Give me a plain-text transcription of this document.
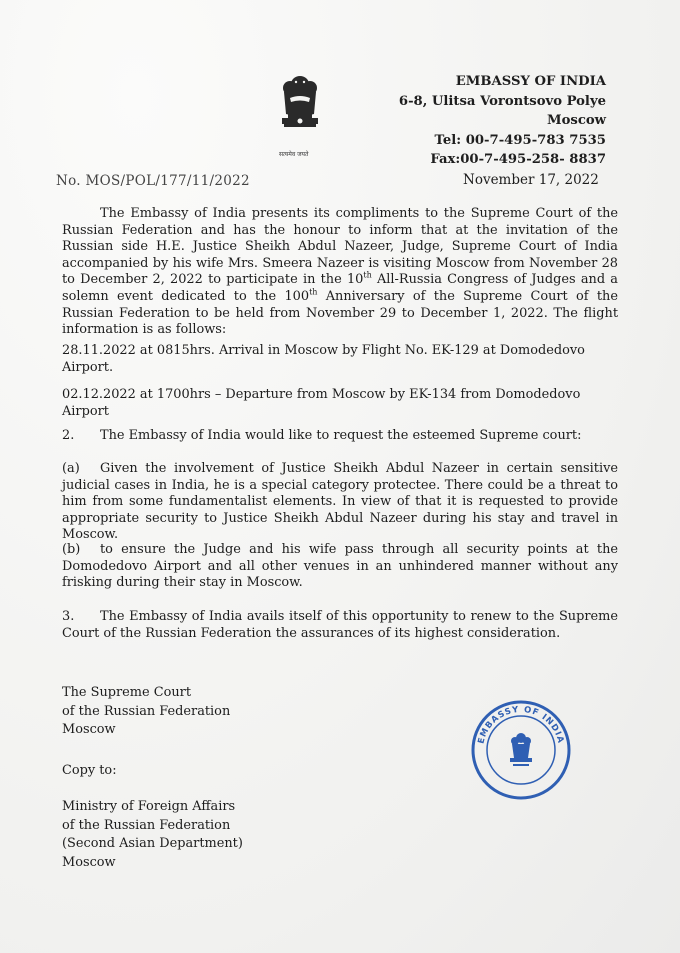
सत्यमेव जयते
EMBASSY OF INDIA
6-8, Ulitsa Vorontsovo Polye
Moscow
Tel: 00-7-495-783 7535
Fax:00-7-495-258- 8837
No. MOS/POL/177/11/2022	November 17, 2022
The Embassy of India presents its compliments to the Supreme Court of the Russian Federation and has the honour to inform that at the invitation of the Russian side H.E. Justice Sheikh Abdul Nazeer, Judge, Supreme Court of India accompanied by his wife Mrs. Smeera Nazeer is visiting Moscow from November 28 to December 2, 2022 to participate in the 10th All-Russia Congress of Judges and a solemn event dedicated to the 100th Anniversary of the Supreme Court of the Russian Federation to be held from November 29 to December 1, 2022. The flight information is as follows:
28.11.2022 at 0815hrs. Arrival in Moscow by Flight No. EK-129 at Domodedovo Airport.
02.12.2022 at 1700hrs – Departure from Moscow by EK-134 from Domodedovo Airport
2. The Embassy of India would like to request the esteemed Supreme court:
(a) Given the involvement of Justice Sheikh Abdul Nazeer in certain sensitive judicial cases in India, he is a special category protectee. There could be a threat to him from some fundamentalist elements. In view of that it is requested to provide appropriate security to Justice Sheikh Abdul Nazeer during his stay and travel in Moscow.
(b) to ensure the Judge and his wife pass through all security points at the Domodedovo Airport and all other venues in an unhindered manner without any frisking during their stay in Moscow.
3. The Embassy of India avails itself of this opportunity to renew to the Supreme Court of the Russian Federation the assurances of its highest consideration.
The Supreme Court
of the Russian Federation
Moscow
Copy to:
Ministry of Foreign Affairs
of the Russian Federation
(Second Asian Department)
Moscow
EMBASSY OF INDIA
